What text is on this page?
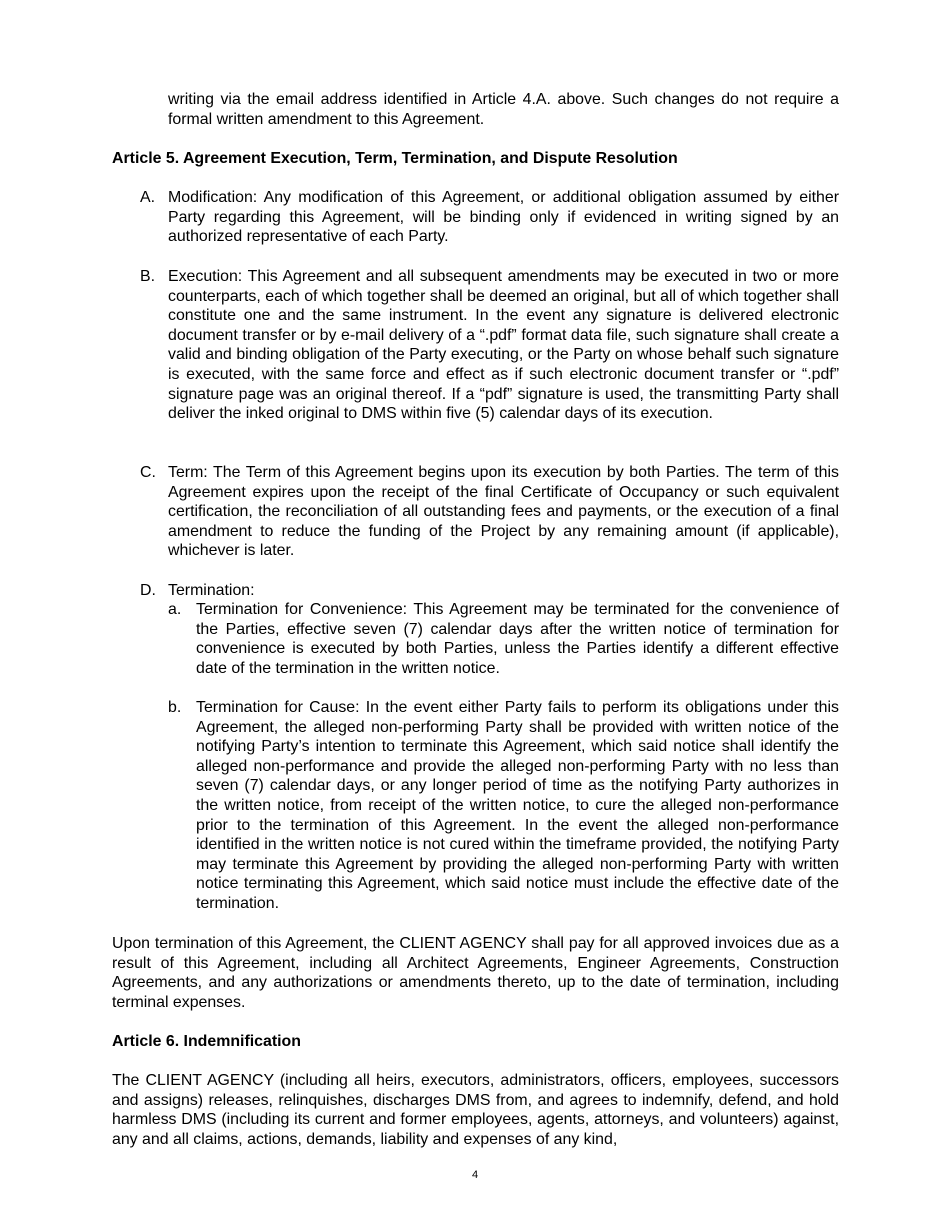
writing via the email address identified in Article 4.A. above. Such changes do not require a formal written amendment to this Agreement.

Article 5. Agreement Execution, Term, Termination, and Dispute Resolution
A. Modification: Any modification of this Agreement, or additional obligation assumed by either Party regarding this Agreement, will be binding only if evidenced in writing signed by an authorized representative of each Party.

B. Execution: This Agreement and all subsequent amendments may be executed in two or more counterparts, each of which together shall be deemed an original, but all of which together shall constitute one and the same instrument. In the event any signature is delivered electronic document transfer or by e-mail delivery of a “.pdf” format data file, such signature shall create a valid and binding obligation of the Party executing, or the Party on whose behalf such signature is executed, with the same force and effect as if such electronic document transfer or “.pdf” signature page was an original thereof. If a “pdf” signature is used, the transmitting Party shall deliver the inked original to DMS within five (5) calendar days of its execution.

C. Term: The Term of this Agreement begins upon its execution by both Parties. The term of this Agreement expires upon the receipt of the final Certificate of Occupancy or such equivalent certification, the reconciliation of all outstanding fees and payments, or the execution of a final amendment to reduce the funding of the Project by any remaining amount (if applicable), whichever is later.

D. Termination:

a. Termination for Convenience: This Agreement may be terminated for the convenience of the Parties, effective seven (7) calendar days after the written notice of termination for convenience is executed by both Parties, unless the Parties identify a different effective date of the termination in the written notice.

b. Termination for Cause: In the event either Party fails to perform its obligations under this Agreement, the alleged non-performing Party shall be provided with written notice of the notifying Party’s intention to terminate this Agreement, which said notice shall identify the alleged non-performance and provide the alleged non-performing Party with no less than seven (7) calendar days, or any longer period of time as the notifying Party authorizes in the written notice, from receipt of the written notice, to cure the alleged non-performance prior to the termination of this Agreement. In the event the alleged non-performance identified in the written notice is not cured within the timeframe provided, the notifying Party may terminate this Agreement by providing the alleged non-performing Party with written notice terminating this Agreement, which said notice must include the effective date of the termination.

Upon termination of this Agreement, the CLIENT AGENCY shall pay for all approved invoices due as a result of this Agreement, including all Architect Agreements, Engineer Agreements, Construction Agreements, and any authorizations or amendments thereto, up to the date of termination, including terminal expenses.

Article 6. Indemnification

The CLIENT AGENCY (including all heirs, executors, administrators, officers, employees, successors and assigns) releases, relinquishes, discharges DMS from, and agrees to indemnify, defend, and hold harmless DMS (including its current and former employees, agents, attorneys, and volunteers) against, any and all claims, actions, demands, liability and expenses of any kind,

4
